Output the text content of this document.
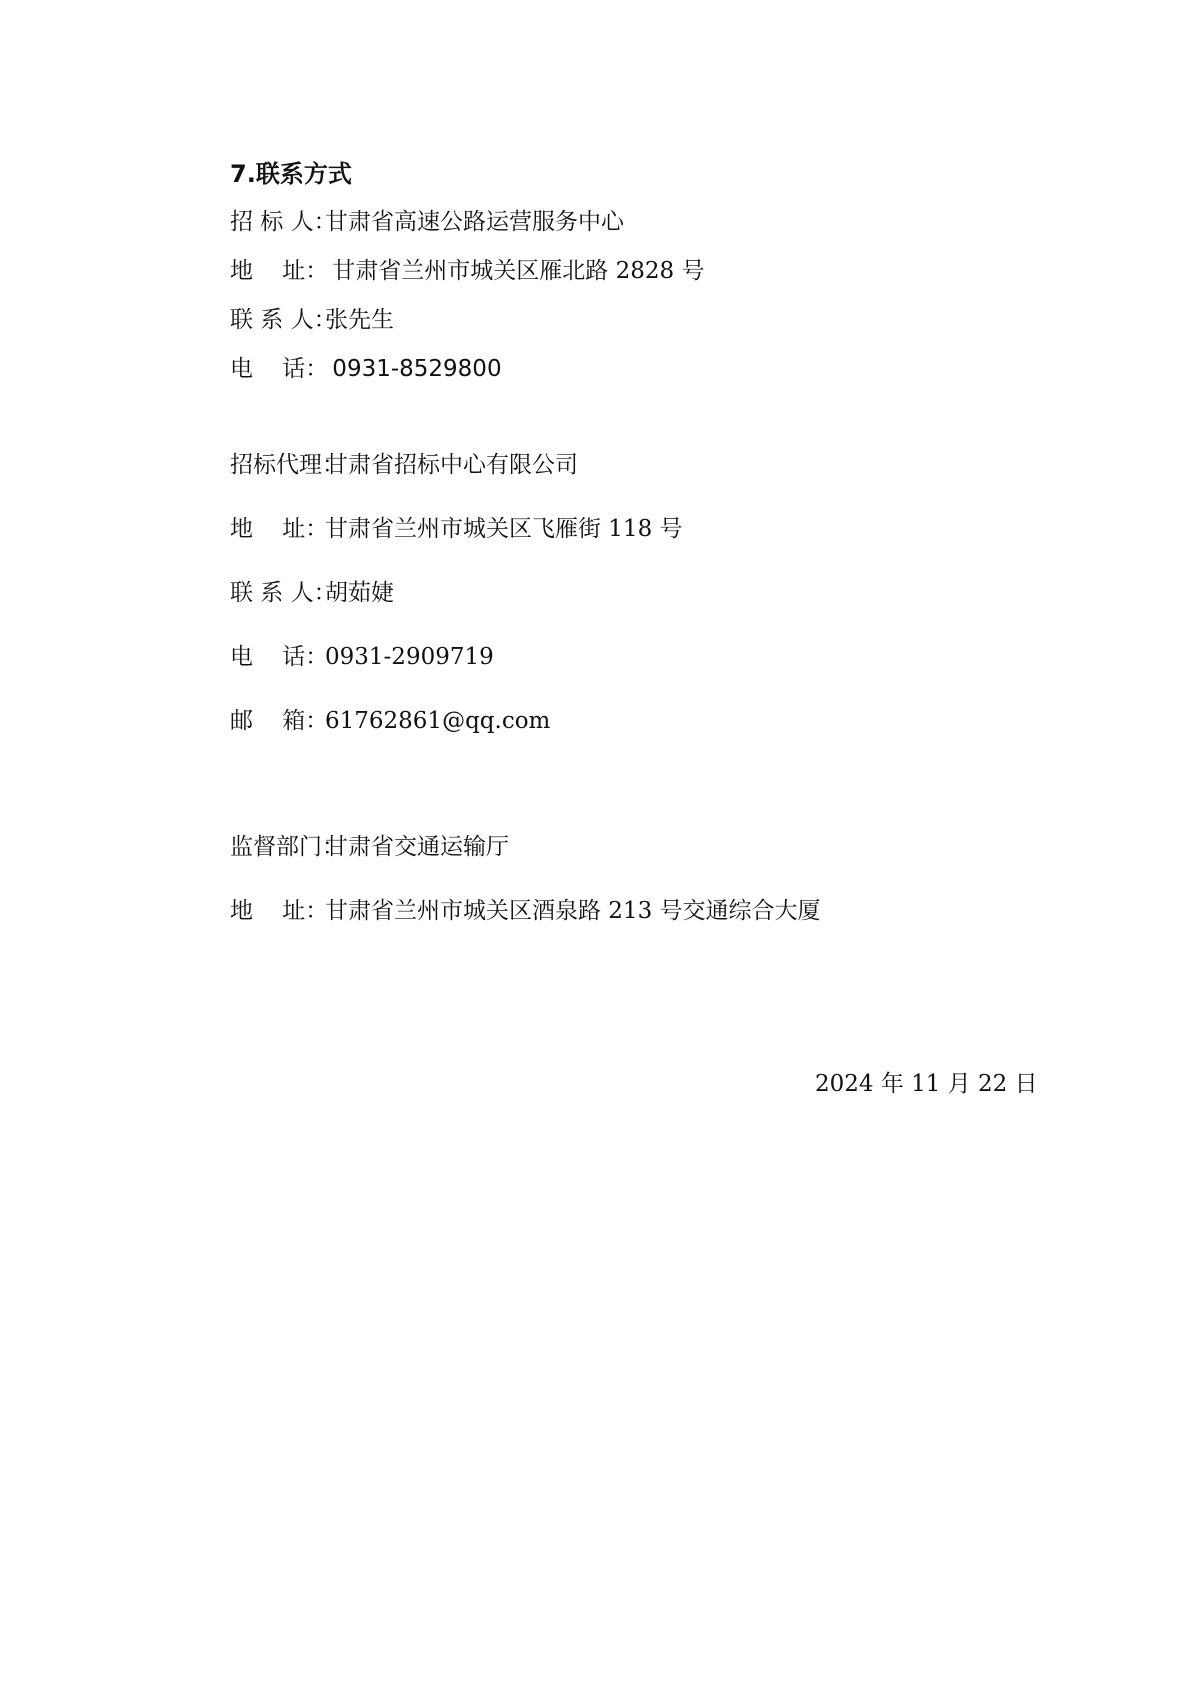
7.联系方式
招 标 人：
甘肃省高速公路运营服务中心
地    址：
甘肃省兰州市城关区雁北路 2828 号
联 系 人：
张先生
电    话：
0931-8529800
招标代理：
甘肃省招标中心有限公司
地    址：
甘肃省兰州市城关区飞雁街 118 号
联 系 人：
胡茹婕
电    话：
0931-2909719
邮    箱：
61762861@qq.com
监督部门：
甘肃省交通运输厅
地    址：
甘肃省兰州市城关区酒泉路 213 号交通综合大厦
2024 年 11 月 22 日
